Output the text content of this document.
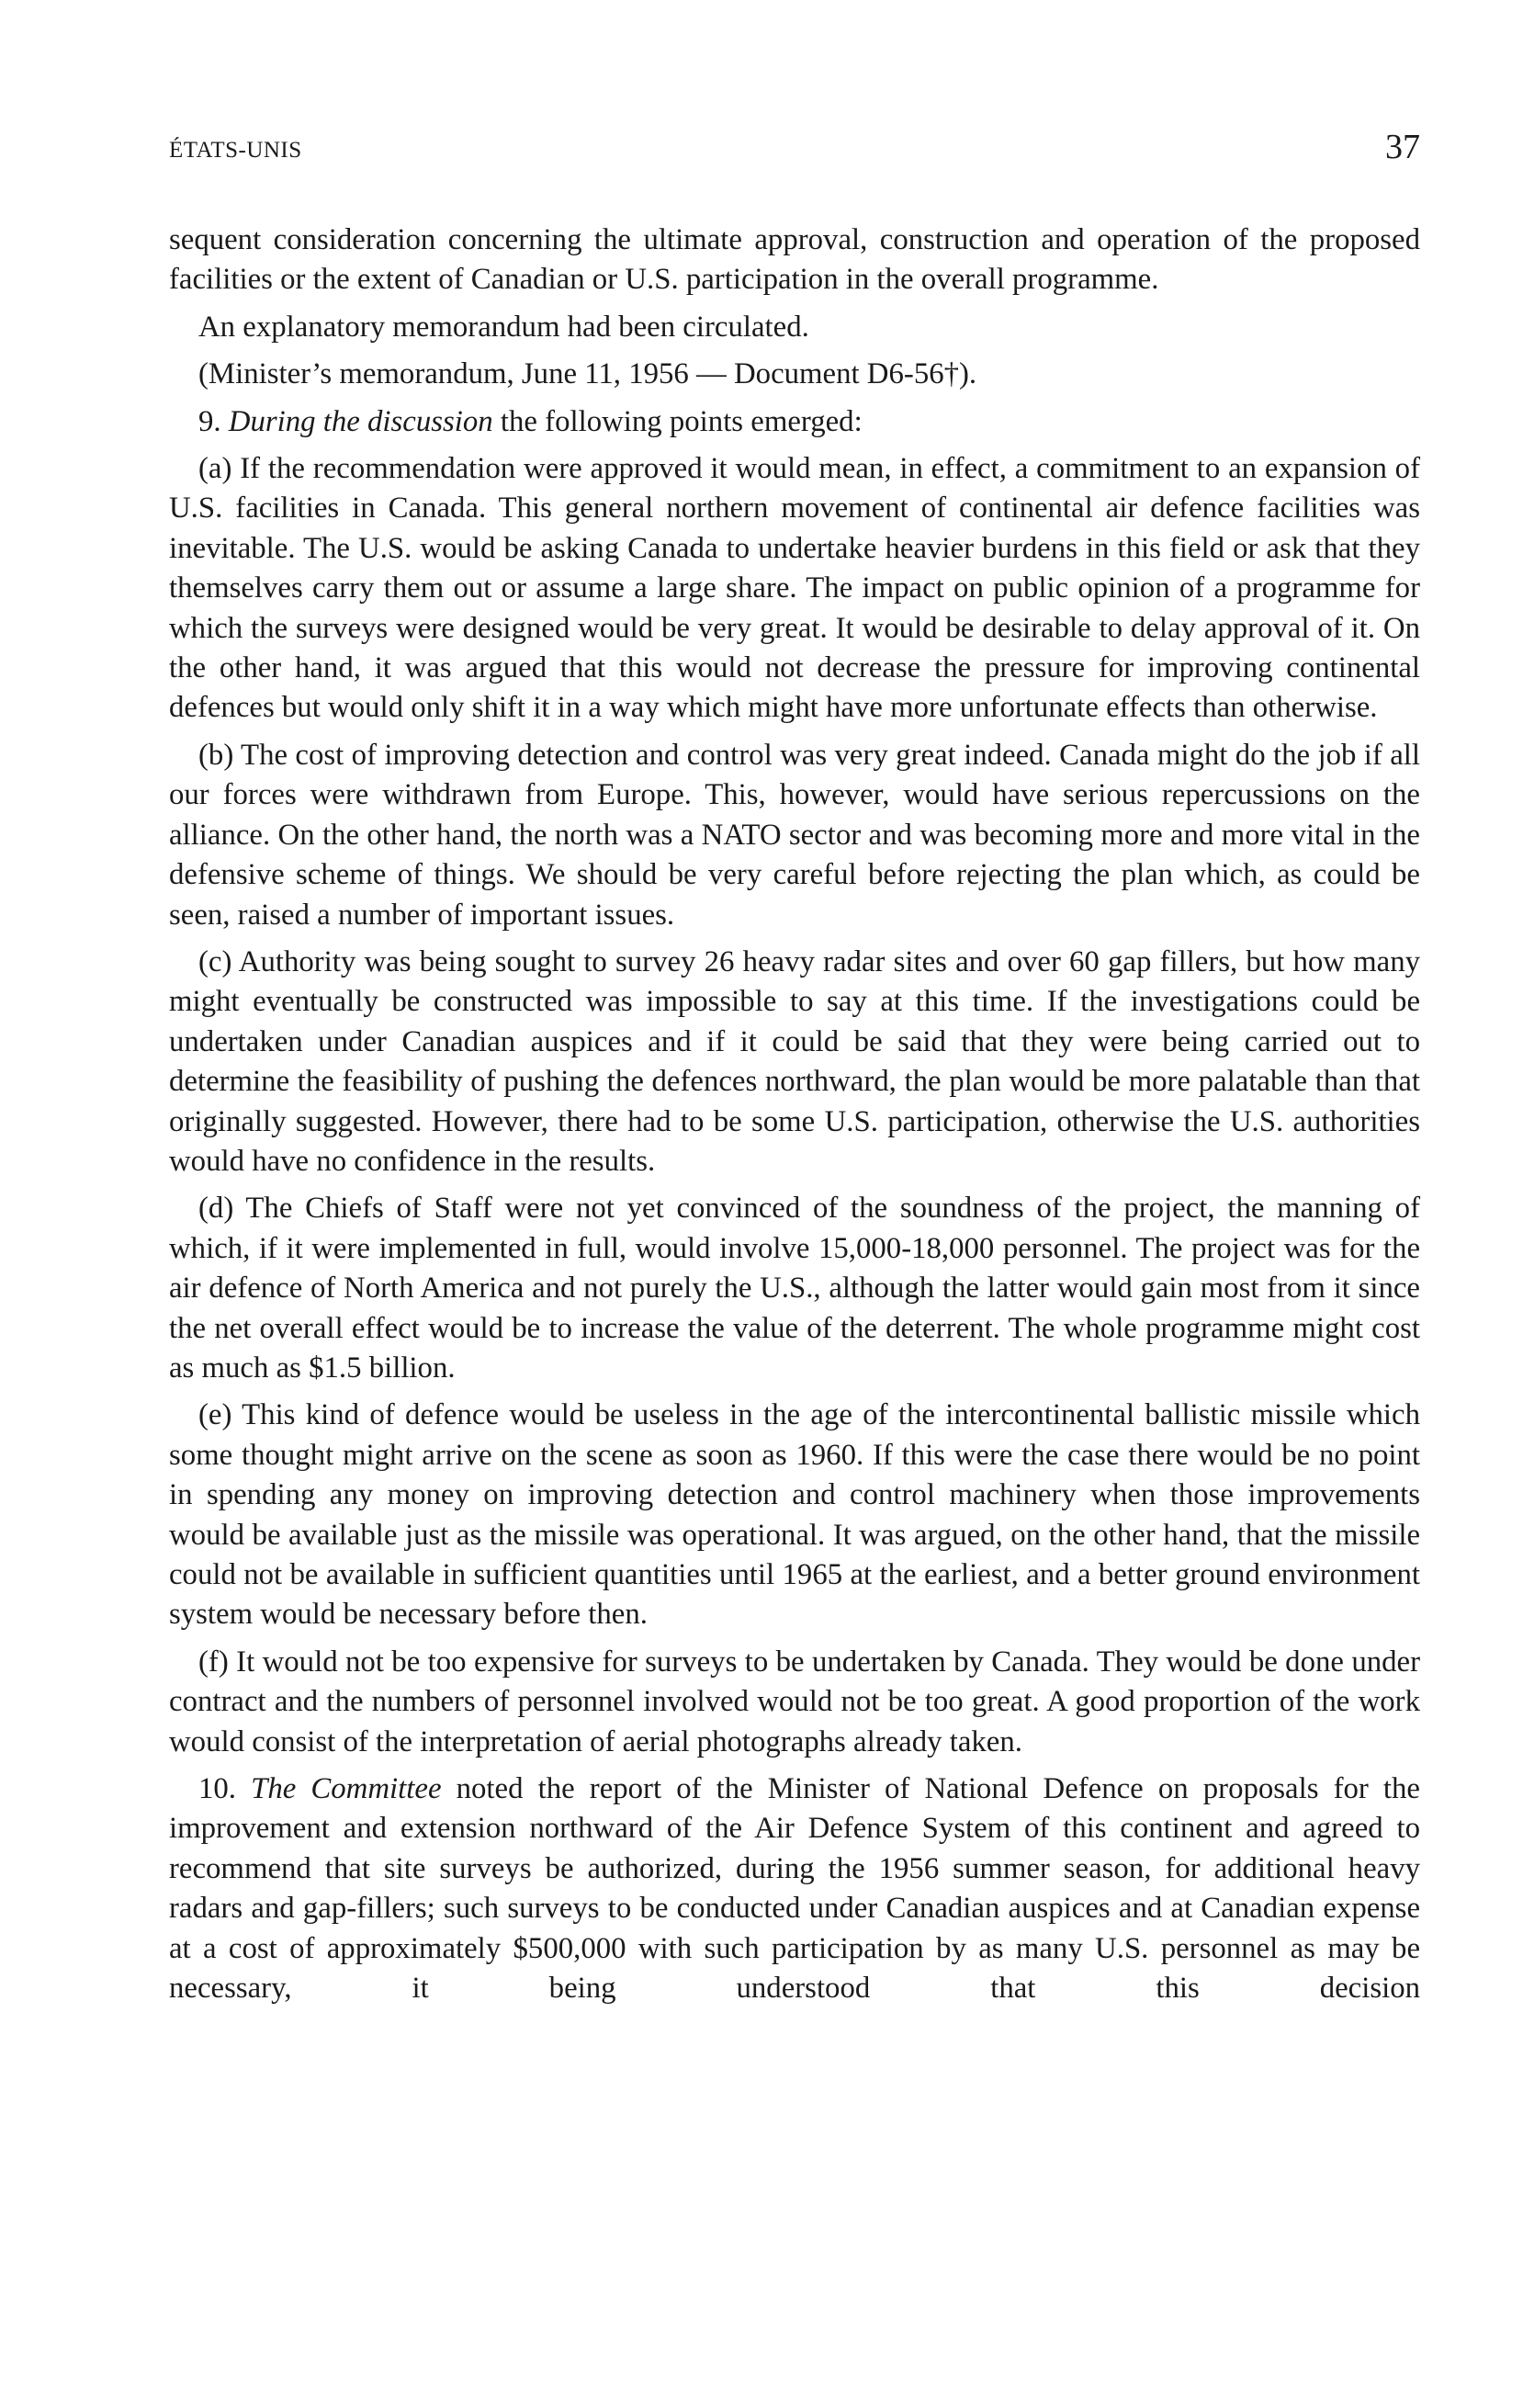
ÉTATS-UNIS	37

sequent consideration concerning the ultimate approval, construction and operation of the proposed facilities or the extent of Canadian or U.S. participation in the overall programme.

An explanatory memorandum had been circulated.

(Minister’s memorandum, June 11, 1956 — Document D6-56†).

9. During the discussion the following points emerged:

(a) If the recommendation were approved it would mean, in effect, a commitment to an expansion of U.S. facilities in Canada. This general northern movement of continental air defence facilities was inevitable. The U.S. would be asking Canada to undertake heavier burdens in this field or ask that they themselves carry them out or assume a large share. The impact on public opinion of a programme for which the surveys were designed would be very great. It would be desirable to delay approval of it. On the other hand, it was argued that this would not decrease the pressure for improving continental defences but would only shift it in a way which might have more unfortunate effects than otherwise.

(b) The cost of improving detection and control was very great indeed. Canada might do the job if all our forces were withdrawn from Europe. This, however, would have serious repercussions on the alliance. On the other hand, the north was a NATO sector and was becoming more and more vital in the defensive scheme of things. We should be very careful before rejecting the plan which, as could be seen, raised a number of important issues.

(c) Authority was being sought to survey 26 heavy radar sites and over 60 gap fillers, but how many might eventually be constructed was impossible to say at this time. If the investigations could be undertaken under Canadian auspices and if it could be said that they were being carried out to determine the feasibility of pushing the defences northward, the plan would be more palatable than that originally suggested. However, there had to be some U.S. participation, otherwise the U.S. authorities would have no confidence in the results.

(d) The Chiefs of Staff were not yet convinced of the soundness of the project, the manning of which, if it were implemented in full, would involve 15,000-18,000 personnel. The project was for the air defence of North America and not purely the U.S., although the latter would gain most from it since the net overall effect would be to increase the value of the deterrent. The whole programme might cost as much as $1.5 billion.

(e) This kind of defence would be useless in the age of the intercontinental ballistic missile which some thought might arrive on the scene as soon as 1960. If this were the case there would be no point in spending any money on improving detection and control machinery when those improvements would be available just as the missile was operational. It was argued, on the other hand, that the missile could not be available in sufficient quantities until 1965 at the earliest, and a better ground environment system would be necessary before then.

(f) It would not be too expensive for surveys to be undertaken by Canada. They would be done under contract and the numbers of personnel involved would not be too great. A good proportion of the work would consist of the interpretation of aerial photographs already taken.

10. The Committee noted the report of the Minister of National Defence on proposals for the improvement and extension northward of the Air Defence System of this continent and agreed to recommend that site surveys be authorized, during the 1956 summer season, for additional heavy radars and gap-fillers; such surveys to be conducted under Canadian auspices and at Canadian expense at a cost of approximately $500,000 with such participation by as many U.S. personnel as may be necessary, it being understood that this decision
